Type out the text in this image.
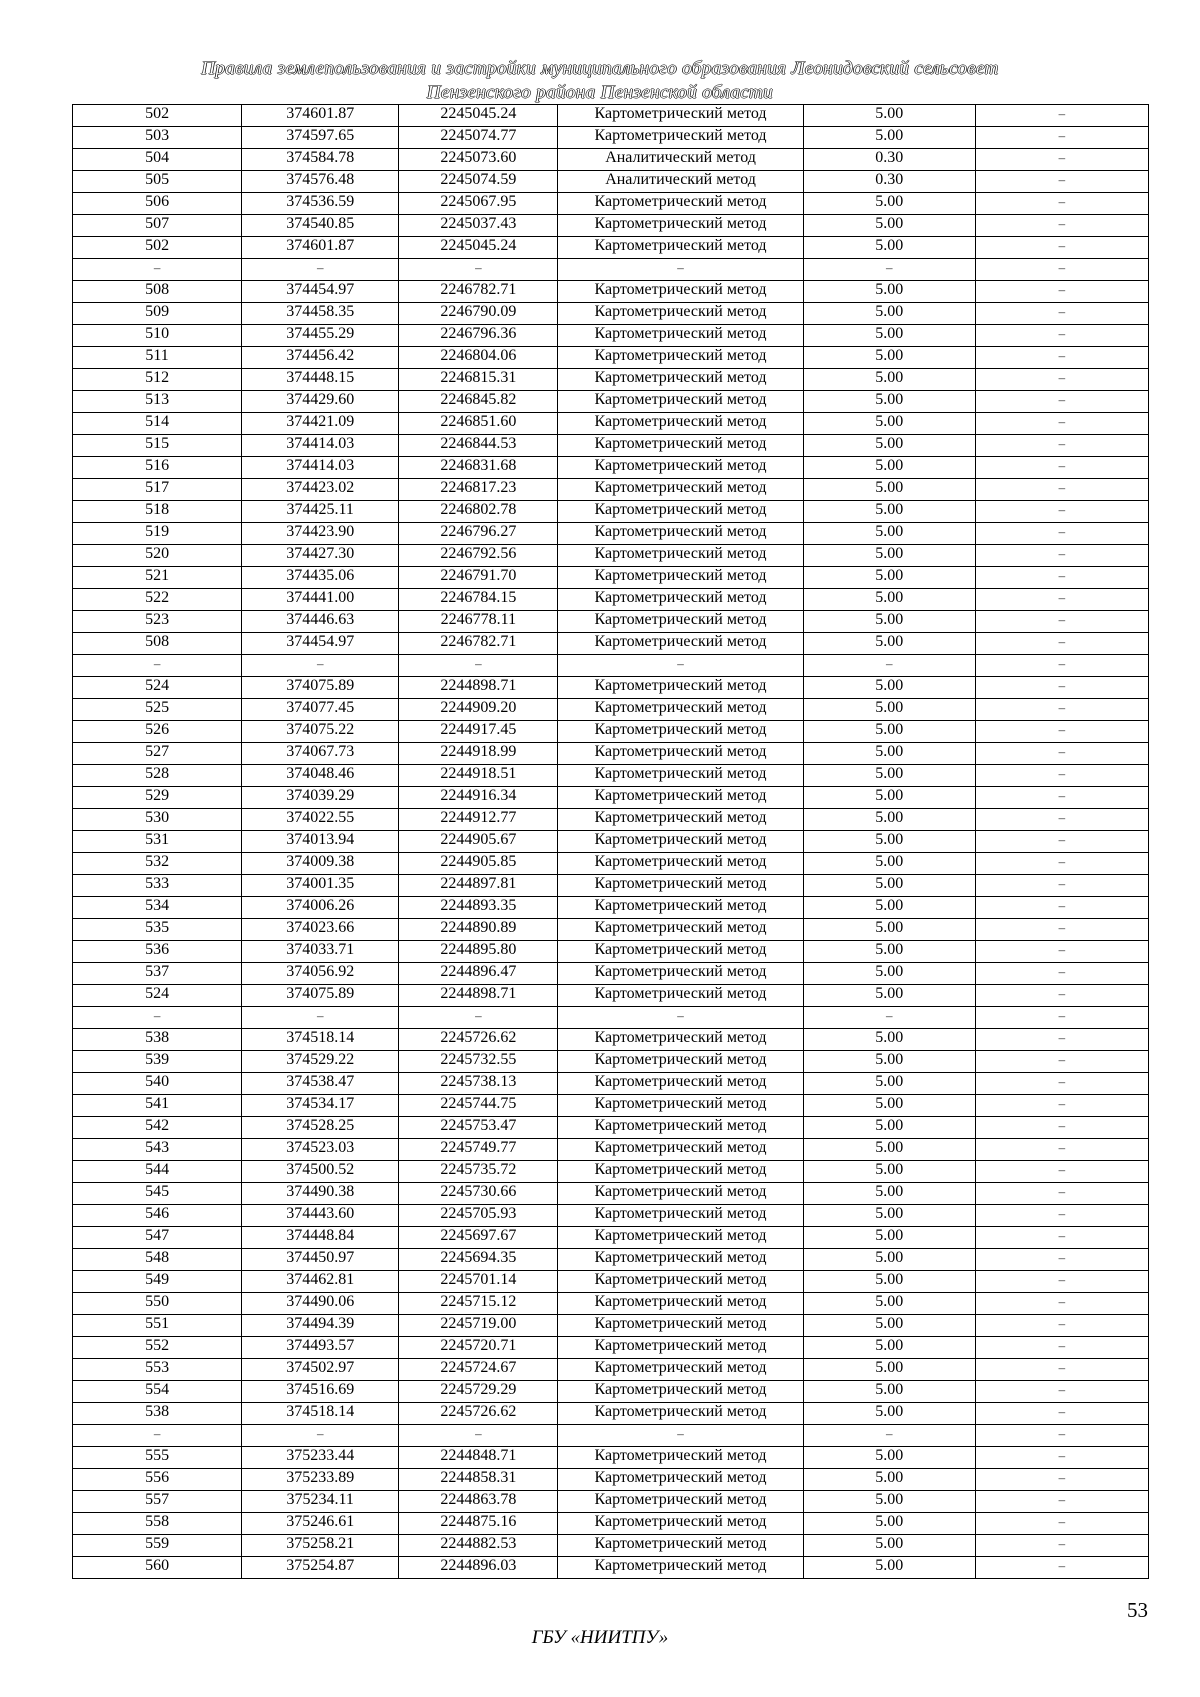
Правила землепользования и застройки муниципального образования Леонидовский сельсовет
Пензенского района Пензенской области
502	374601.87	2245045.24	Картометрический метод	5.00	–
503	374597.65	2245074.77	Картометрический метод	5.00	–
504	374584.78	2245073.60	Аналитический метод	0.30	–
505	374576.48	2245074.59	Аналитический метод	0.30	–
506	374536.59	2245067.95	Картометрический метод	5.00	–
507	374540.85	2245037.43	Картометрический метод	5.00	–
502	374601.87	2245045.24	Картометрический метод	5.00	–
–	–	–	–	–	–
508	374454.97	2246782.71	Картометрический метод	5.00	–
509	374458.35	2246790.09	Картометрический метод	5.00	–
510	374455.29	2246796.36	Картометрический метод	5.00	–
511	374456.42	2246804.06	Картометрический метод	5.00	–
512	374448.15	2246815.31	Картометрический метод	5.00	–
513	374429.60	2246845.82	Картометрический метод	5.00	–
514	374421.09	2246851.60	Картометрический метод	5.00	–
515	374414.03	2246844.53	Картометрический метод	5.00	–
516	374414.03	2246831.68	Картометрический метод	5.00	–
517	374423.02	2246817.23	Картометрический метод	5.00	–
518	374425.11	2246802.78	Картометрический метод	5.00	–
519	374423.90	2246796.27	Картометрический метод	5.00	–
520	374427.30	2246792.56	Картометрический метод	5.00	–
521	374435.06	2246791.70	Картометрический метод	5.00	–
522	374441.00	2246784.15	Картометрический метод	5.00	–
523	374446.63	2246778.11	Картометрический метод	5.00	–
508	374454.97	2246782.71	Картометрический метод	5.00	–
–	–	–	–	–	–
524	374075.89	2244898.71	Картометрический метод	5.00	–
525	374077.45	2244909.20	Картометрический метод	5.00	–
526	374075.22	2244917.45	Картометрический метод	5.00	–
527	374067.73	2244918.99	Картометрический метод	5.00	–
528	374048.46	2244918.51	Картометрический метод	5.00	–
529	374039.29	2244916.34	Картометрический метод	5.00	–
530	374022.55	2244912.77	Картометрический метод	5.00	–
531	374013.94	2244905.67	Картометрический метод	5.00	–
532	374009.38	2244905.85	Картометрический метод	5.00	–
533	374001.35	2244897.81	Картометрический метод	5.00	–
534	374006.26	2244893.35	Картометрический метод	5.00	–
535	374023.66	2244890.89	Картометрический метод	5.00	–
536	374033.71	2244895.80	Картометрический метод	5.00	–
537	374056.92	2244896.47	Картометрический метод	5.00	–
524	374075.89	2244898.71	Картометрический метод	5.00	–
–	–	–	–	–	–
538	374518.14	2245726.62	Картометрический метод	5.00	–
539	374529.22	2245732.55	Картометрический метод	5.00	–
540	374538.47	2245738.13	Картометрический метод	5.00	–
541	374534.17	2245744.75	Картометрический метод	5.00	–
542	374528.25	2245753.47	Картометрический метод	5.00	–
543	374523.03	2245749.77	Картометрический метод	5.00	–
544	374500.52	2245735.72	Картометрический метод	5.00	–
545	374490.38	2245730.66	Картометрический метод	5.00	–
546	374443.60	2245705.93	Картометрический метод	5.00	–
547	374448.84	2245697.67	Картометрический метод	5.00	–
548	374450.97	2245694.35	Картометрический метод	5.00	–
549	374462.81	2245701.14	Картометрический метод	5.00	–
550	374490.06	2245715.12	Картометрический метод	5.00	–
551	374494.39	2245719.00	Картометрический метод	5.00	–
552	374493.57	2245720.71	Картометрический метод	5.00	–
553	374502.97	2245724.67	Картометрический метод	5.00	–
554	374516.69	2245729.29	Картометрический метод	5.00	–
538	374518.14	2245726.62	Картометрический метод	5.00	–
–	–	–	–	–	–
555	375233.44	2244848.71	Картометрический метод	5.00	–
556	375233.89	2244858.31	Картометрический метод	5.00	–
557	375234.11	2244863.78	Картометрический метод	5.00	–
558	375246.61	2244875.16	Картометрический метод	5.00	–
559	375258.21	2244882.53	Картометрический метод	5.00	–
560	375254.87	2244896.03	Картометрический метод	5.00	–
53
ГБУ «НИИТПУ»
